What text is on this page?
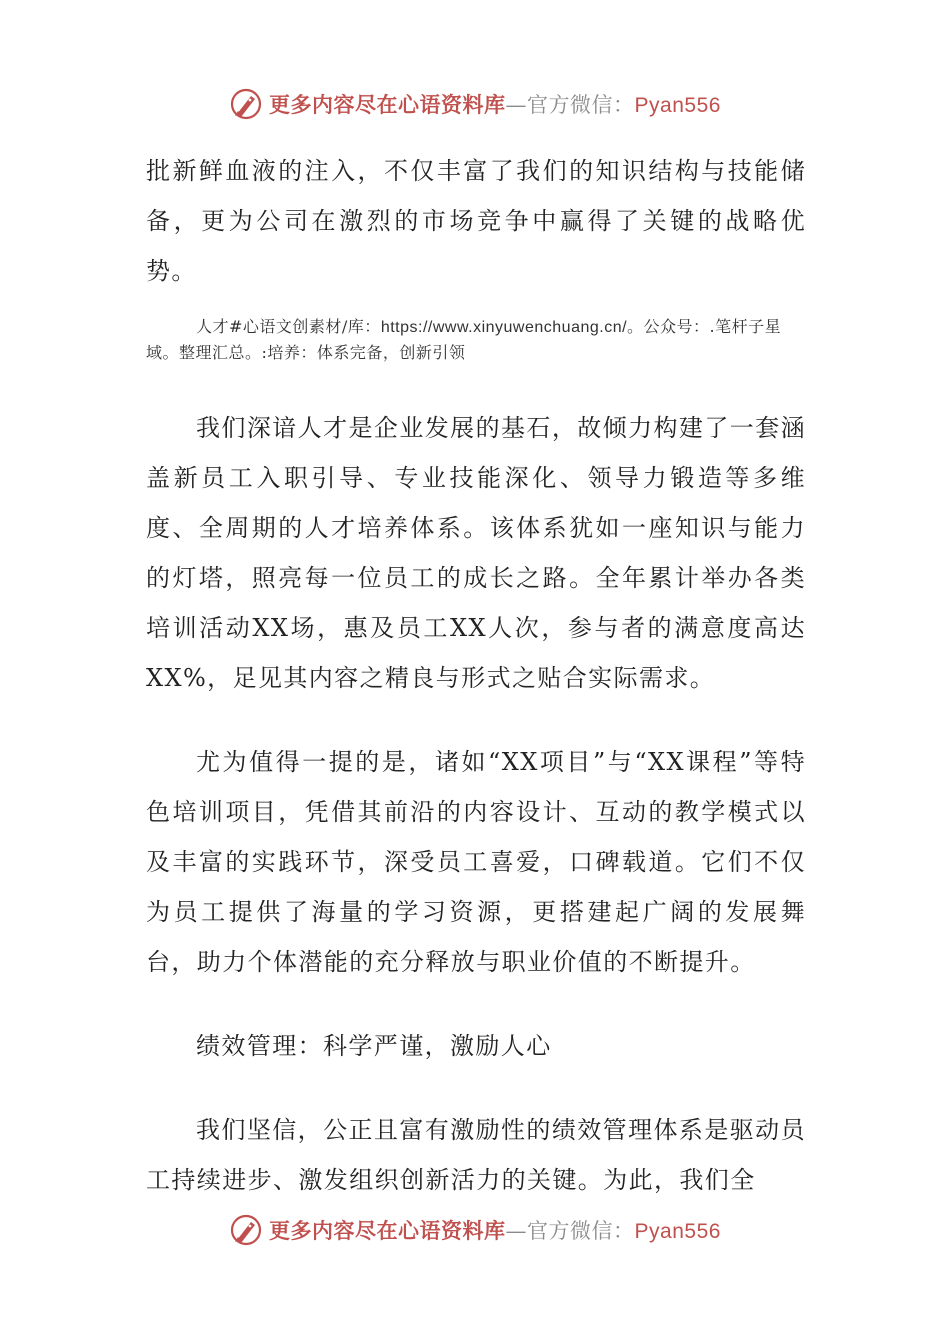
更多内容尽在心语资料库—官方微信：Pyan556

批新鲜血液的注入，不仅丰富了我们的知识结构与技能储备，更为公司在激烈的市场竞争中赢得了关键的战略优势。

人才#心语文创素材/库：https://www.xinyuwenchuang.cn/。公众号：.笔杆子星域。整理汇总。:培养：体系完备，创新引领

我们深谙人才是企业发展的基石，故倾力构建了一套涵盖新员工入职引导、专业技能深化、领导力锻造等多维度、全周期的人才培养体系。该体系犹如一座知识与能力的灯塔，照亮每一位员工的成长之路。全年累计举办各类培训活动XX场，惠及员工XX人次，参与者的满意度高达XX%，足见其内容之精良与形式之贴合实际需求。

尤为值得一提的是，诸如“XX项目”与“XX课程”等特色培训项目，凭借其前沿的内容设计、互动的教学模式以及丰富的实践环节，深受员工喜爱，口碑载道。它们不仅为员工提供了海量的学习资源，更搭建起广阔的发展舞台，助力个体潜能的充分释放与职业价值的不断提升。

绩效管理：科学严谨，激励人心

我们坚信，公正且富有激励性的绩效管理体系是驱动员工持续进步、激发组织创新活力的关键。为此，我们全

更多内容尽在心语资料库—官方微信：Pyan556
